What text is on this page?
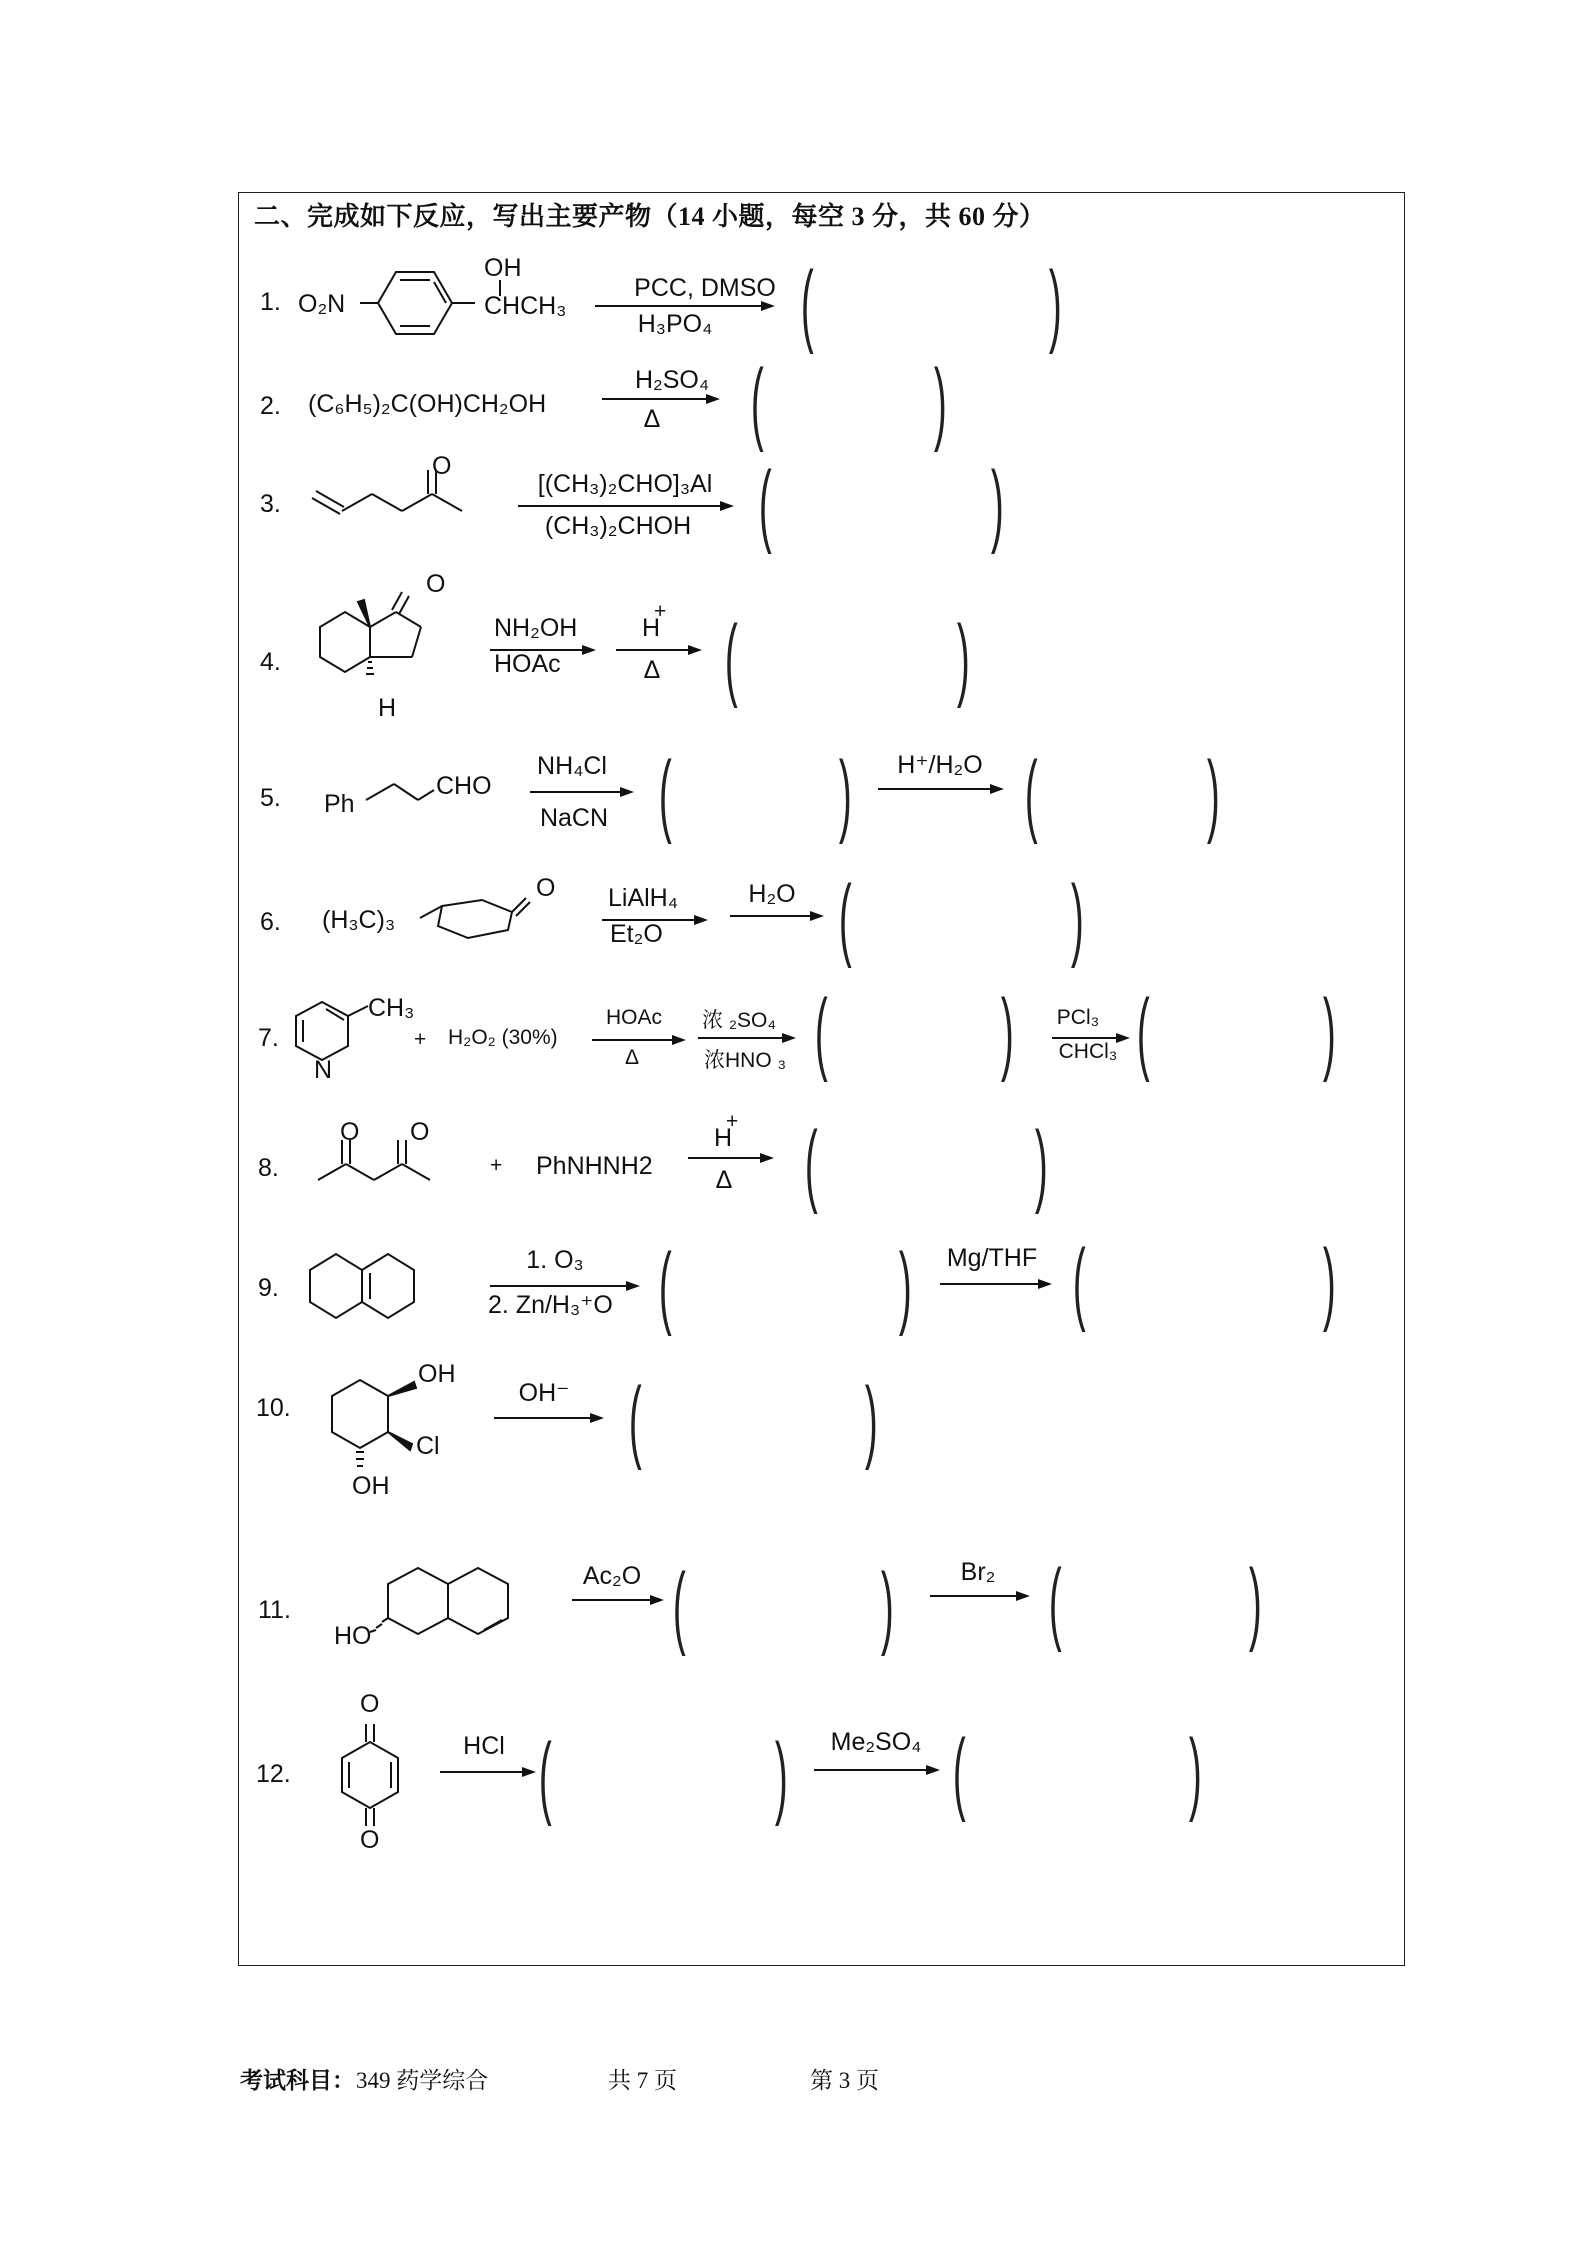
二、完成如下反应，写出主要产物（14 小题，每空 3 分，共 60 分）
1. O₂N
OH
CHCH₃
PCC, DMSO
H₃PO₄ (	)
2. (C₆H₅)₂C(OH)CH₂OH
H₂SO₄
Δ ( )
3.
O
[(CH₃)₂CHO]₃Al
(CH₃)₂CHOH ( )
4.
O
H
NH₂OH
HOAc
H
+
Δ ( )
5. Ph
CHO
NH₄Cl
NaCN ( ) H⁺/H₂O ( )
6. (H₃C)₃
O LiAlH₄
Et₂O
H₂O ( )
7.
CH₃
N
+ H₂O₂ (30%)
HOAc
Δ
浓 ₂SO₄
浓HNO ₃ ( ) PCl₃
CHCl₃ ( )
8.
O O
+ PhNHNH2
H
+
Δ ( )
9.
1. O₃
2. Zn/H₃⁺O ( ) Mg/THF (	)
10.
OH
Cl
OH
OH⁻ ( )
11.
HO
Ac₂O ( )	Br₂ ( )
12.
O
O
HCl ( ) Me₂SO₄ ( )
考试科目： 349 药学综合	共 7 页	第 3 页
